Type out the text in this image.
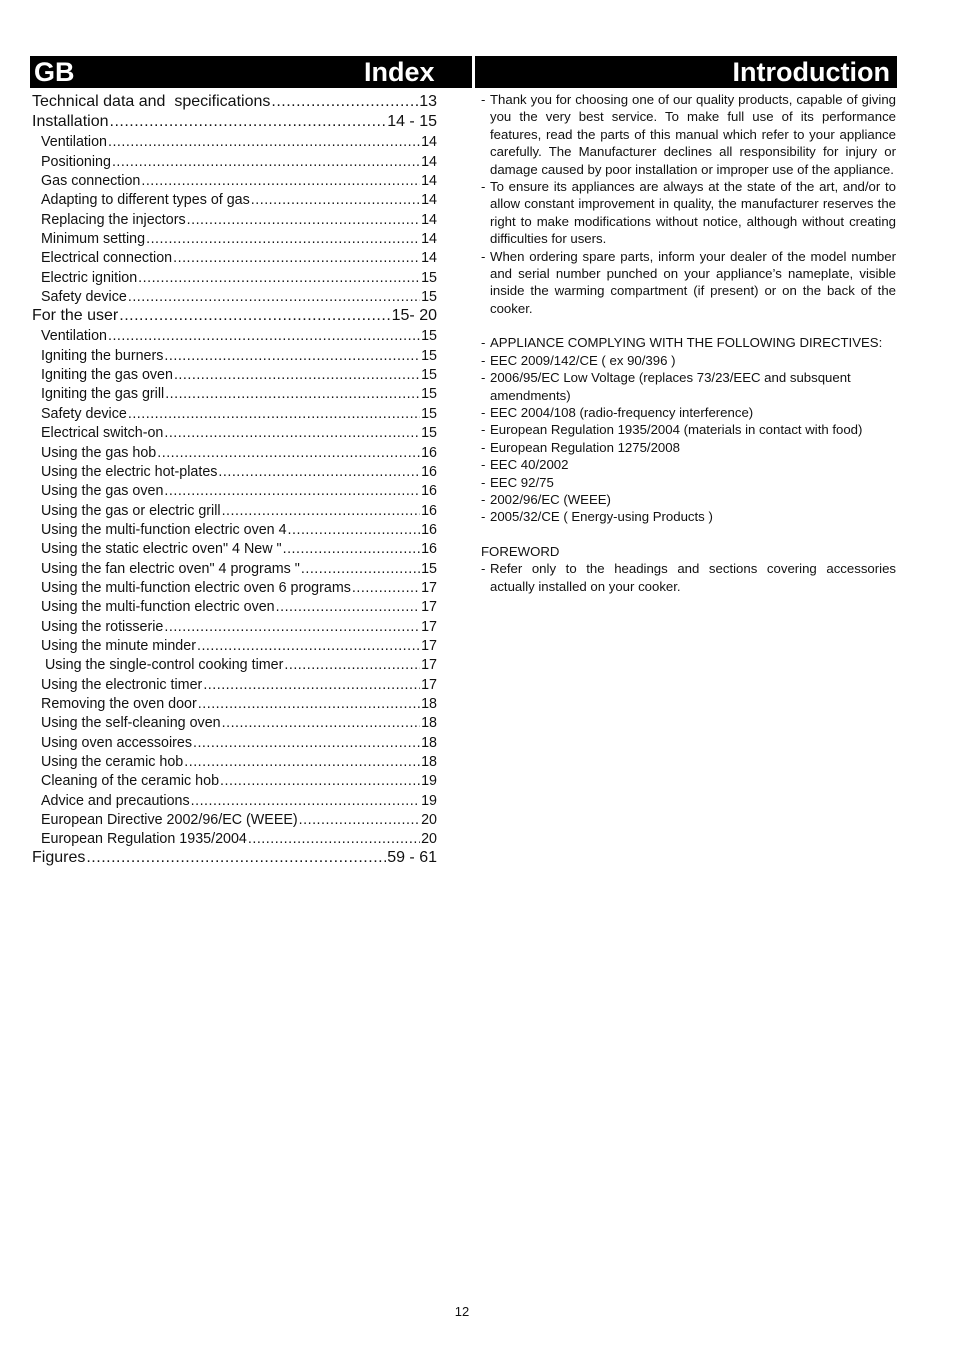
GB	Index	Introduction
Technical data and  specifications .....	13
Installation .....	14 - 15
Ventilation .....	14
Positioning .....	14
Gas connection .....	14
Adapting to different types of gas .....	14
Replacing the injectors .....	14
Minimum setting .....	14
Electrical connection .....	14
Electric ignition .....	15
Safety device .....	15
For the user .....	15- 20
Ventilation .....	15
Igniting the burners .....	15
Igniting the gas oven .....	15
Igniting the gas grill .....	15
Safety device .....	15
Electrical switch-on .....	15
Using the gas hob .....	16
Using the electric hot-plates .....	16
Using the gas oven .....	16
Using the gas or electric grill .....	16
Using the multi-function electric oven 4 .....	16
Using the static electric oven" 4 New " .....	16
Using the fan electric oven" 4 programs " .....	15
Using the multi-function electric oven 6 programs .....	17
Using the multi-function electric oven .....	17
Using the rotisserie .....	17
Using the minute minder .....	17
Using the single-control cooking timer .....	17
Using the electronic timer .....	17
Removing the oven door .....	18
Using the self-cleaning oven .....	18
Using oven accessoires .....	18
Using the ceramic hob .....	18
Cleaning of the ceramic hob .....	19
Advice and precautions .....	19
European Directive 2002/96/EC (WEEE) .....	20
European Regulation 1935/2004 .....	20
Figures .....	59 - 61
- Thank you for choosing one of our quality products, capable of giving you the very best service. To make full use of its performance features, read the parts of this manual which refer to your appliance carefully. The Manufacturer declines all responsibility for injury or damage caused by poor installation or improper use of the appliance.
- To ensure its appliances are always at the state of the art, and/or to allow constant improvement in quality, the manufacturer reserves the right to make modifications without notice, although without creating difficulties for users.
- When ordering spare parts, inform your dealer of the model number and serial number punched on your appliance’s nameplate, visible inside the warming compartment (if present) or on the back of the cooker.
- APPLIANCE COMPLYING WITH THE FOLLOWING DIRECTIVES:
- EEC 2009/142/CE ( ex 90/396 )
- 2006/95/EC Low Voltage (replaces 73/23/EEC and subsquent amendments)
- EEC 2004/108 (radio-frequency interference)
- European Regulation 1935/2004 (materials in contact with food)
- European Regulation 1275/2008
- EEC 40/2002
- EEC 92/75
- 2002/96/EC (WEEE)
- 2005/32/CE ( Energy-using Products )
FOREWORD
- Refer only to the headings and sections covering accessories actually installed on your cooker.
12
